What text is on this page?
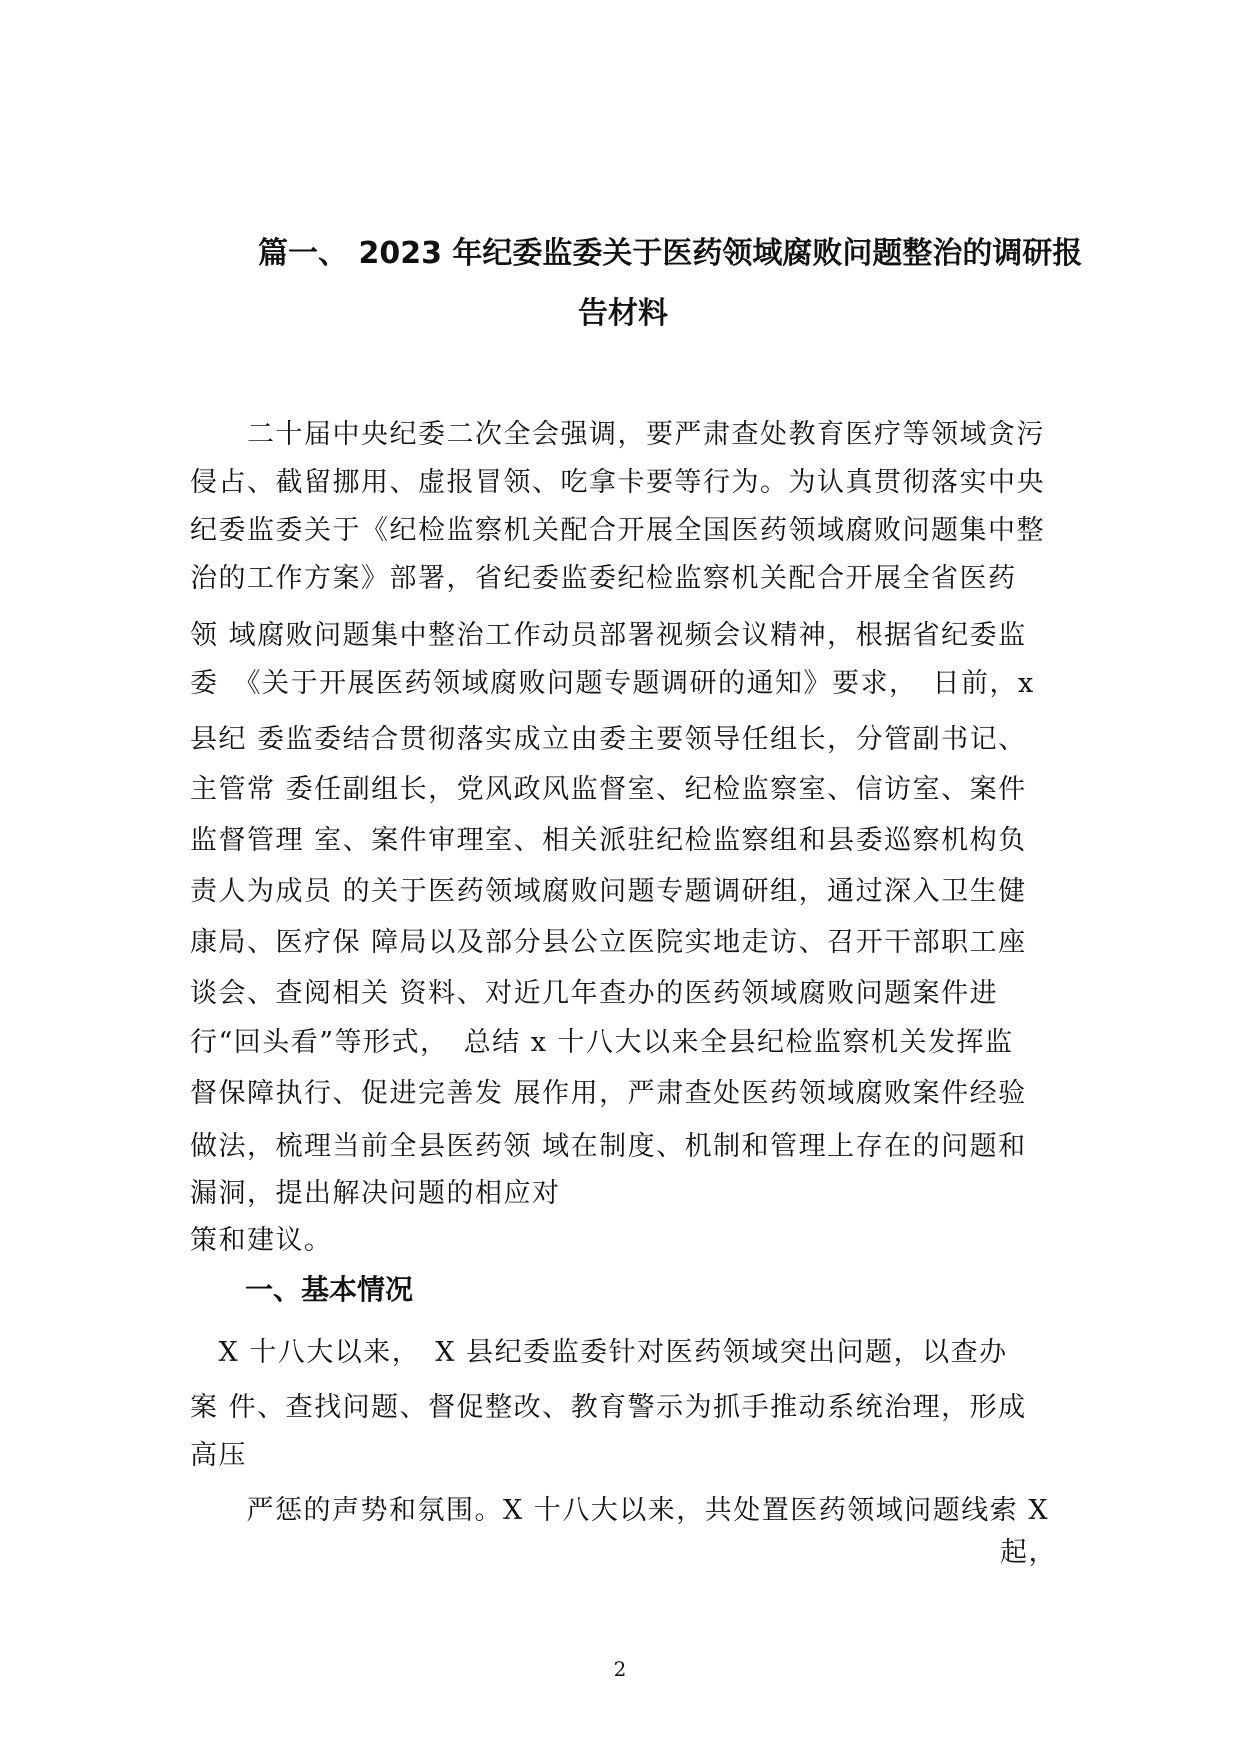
篇一、 2023 年纪委监委关于医药领域腐败问题整治的调研报
告材料
　　二十届中央纪委二次全会强调，要严肃查处教育医疗等领域贪污
侵占、截留挪用、虚报冒领、吃拿卡要等行为。为认真贯彻落实中央
纪委监委关于《纪检监察机关配合开展全国医药领域腐败问题集中整
治的工作方案》部署，省纪委监委纪检监察机关配合开展全省医药
领 域腐败问题集中整治工作动员部署视频会议精神，根据省纪委监
委　《关于开展医药领域腐败问题专题调研的通知》要求，　日前，x
县纪 委监委结合贯彻落实成立由委主要领导任组长，分管副书记、
主管常 委任副组长，党风政风监督室、纪检监察室、信访室、案件
监督管理 室、案件审理室、相关派驻纪检监察组和县委巡察机构负
责人为成员 的关于医药领域腐败问题专题调研组，通过深入卫生健
康局、医疗保 障局以及部分县公立医院实地走访、召开干部职工座
谈会、查阅相关 资料、对近几年查办的医药领域腐败问题案件进
行“回头看”等形式，　总结 x 十八大以来全县纪检监察机关发挥监
督保障执行、促进完善发 展作用，严肃查处医药领域腐败案件经验
做法，梳理当前全县医药领 域在制度、机制和管理上存在的问题和
漏洞，提出解决问题的相应对
策和建议。
一、基本情况
　X 十八大以来，　X 县纪委监委针对医药领域突出问题，以查办
案 件、查找问题、督促整改、教育警示为抓手推动系统治理，形成
高压
　严惩的声势和氛围。X 十八大以来，共处置医药领域问题线索 X
起，
2
